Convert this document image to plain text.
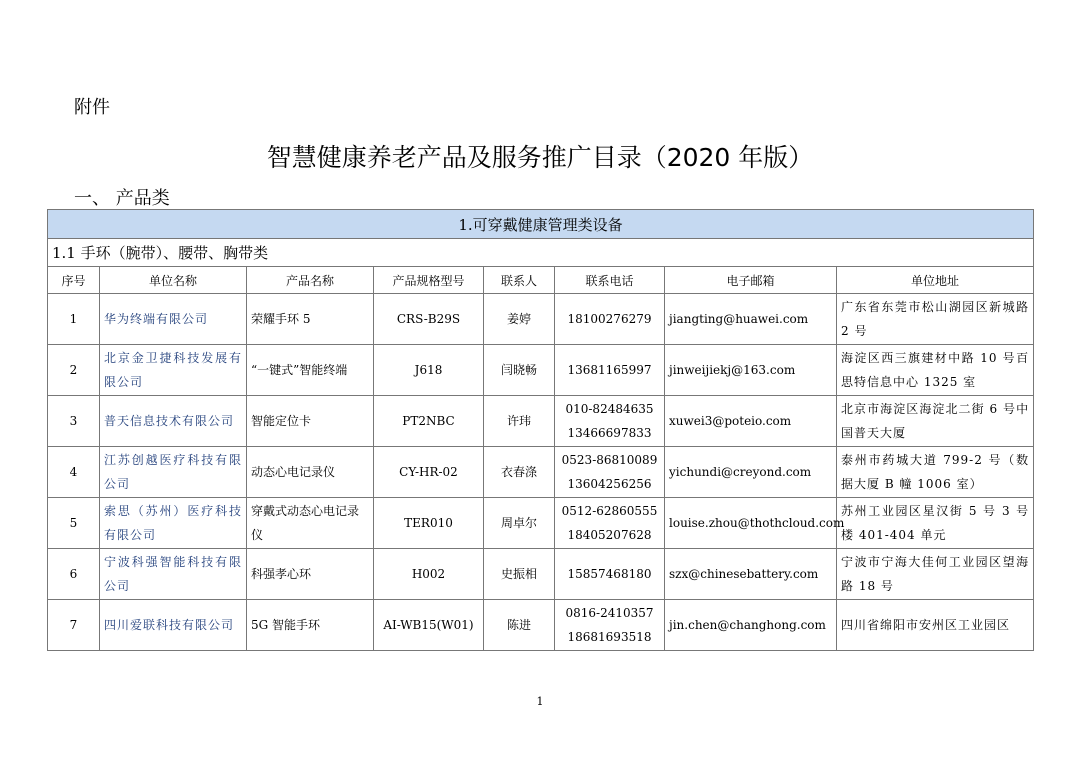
附件
智慧健康养老产品及服务推广目录（2020 年版）
一、 产品类
1.可穿戴健康管理类设备							
1.1 手环（腕带）、腰带、胸带类							
序号	单位名称	产品名称	产品规格型号	联系人	联系电话	电子邮箱	单位地址
1	华为终端有限公司	荣耀手环 5	CRS-B29S	姜婷	18100276279	jiangting@huawei.com	广东省东莞市松山湖园区新城路 2 号
2	北京金卫捷科技发展有限公司	“一键式”智能终端	J618	闫晓畅	13681165997	jinweijiekj@163.com	海淀区西三旗建材中路 10 号百思特信息中心 1325 室
3	普天信息技术有限公司	智能定位卡	PT2NBC	许玮	010-82484635 13466697833	xuwei3@poteio.com	北京市海淀区海淀北二街 6 号中国普天大厦
4	江苏创越医疗科技有限公司	动态心电记录仪	CY-HR-02	衣春涤	0523-86810089 13604256256	yichundi@creyond.com	泰州市药城大道 799-2 号（数据大厦 B 幢 1006 室）
5	索思（苏州）医疗科技有限公司	穿戴式动态心电记录仪	TER010	周卓尔	0512-62860555 18405207628	louise.zhou@thothcloud.com	苏州工业园区星汉街 5 号 3 号楼 401-404 单元
6	宁波科强智能科技有限公司	科强孝心环	H002	史振相	15857468180	szx@chinesebattery.com	宁波市宁海大佳何工业园区望海路 18 号
7	四川爱联科技有限公司	5G 智能手环	AI-WB15(W01)	陈进	0816-2410357 18681693518	jin.chen@changhong.com	四川省绵阳市安州区工业园区
1
